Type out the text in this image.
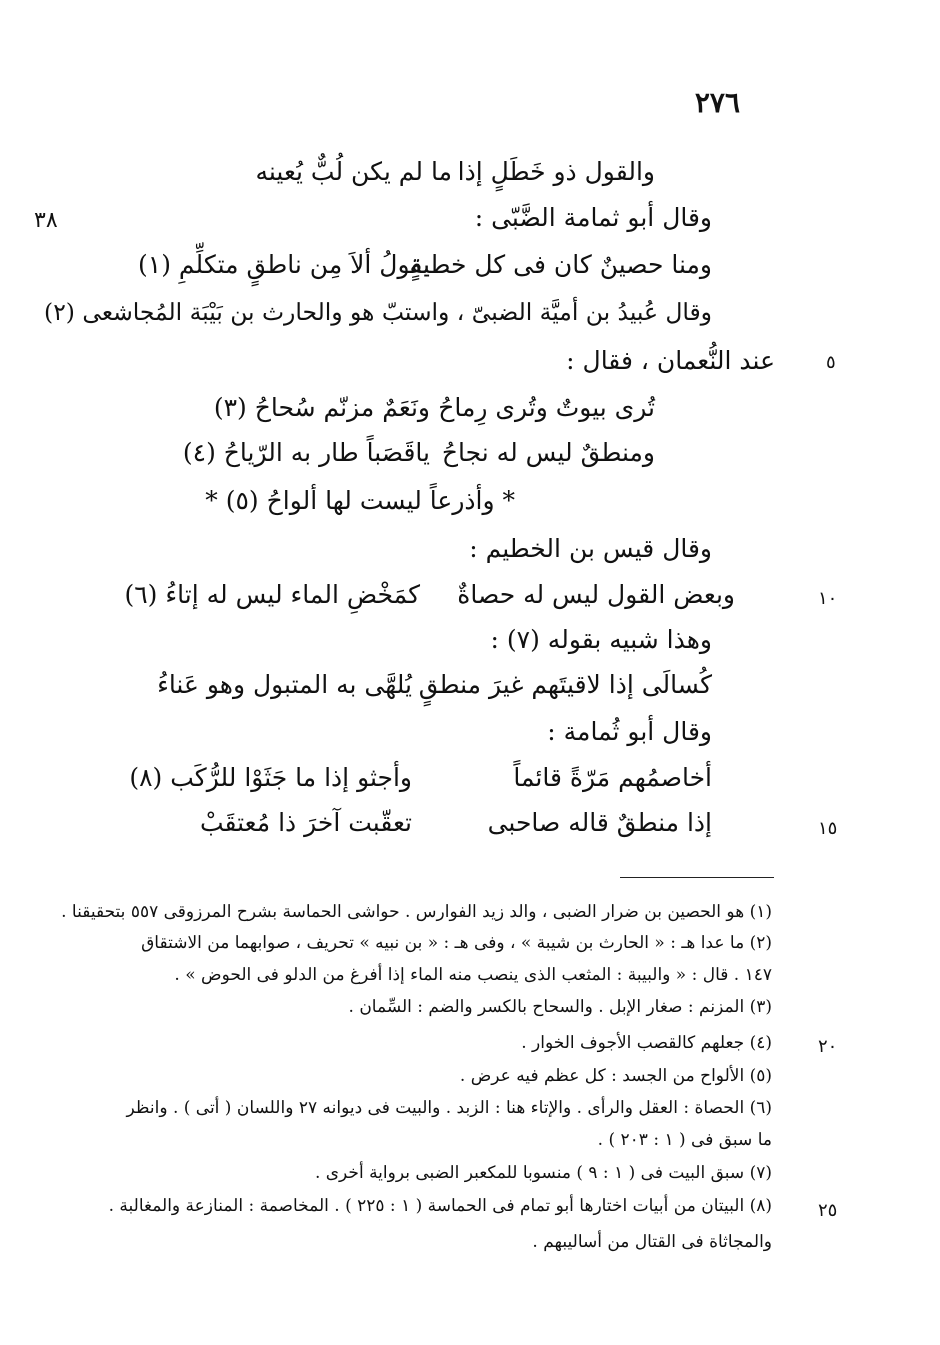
٢٧٦
٣٨
والقول ذو خَطَلٍ إذا
ما لم يكن لُبٌّ يُعينه
وقال أبو ثمامة الضَّبّى :
ومنا حصينٌ كان فى كل خطبةٍ
يقولُ ألاَ مِن ناطقٍ متكلِّمِ (١)
وقال عُبيدُ بن أميَّة الضبىّ ، واستبّ هو والحارث بن بَيْبَة المُجاشعى (٢)
عند النُّعمان ، فقال :	٥
تُرى بيوتٌ وتُرى رِماحُ
ونَعَمٌ مزنّم سُحاحُ (٣)
ومنطقٌ ليس له نجاحُ
ياقَصَباً طار به الرّياحُ (٤)
* وأذرعاً ليست لها ألواحُ (٥) *
وقال قيس بن الخطيم :
وبعض القول ليس له حصاةٌ
كمَخْضِ الماء ليس له إتاءُ (٦)	١٠
وهذا شبيه بقوله (٧) :
كُسالَى إذا لاقيتَهم غيرَ منطقٍ
يُلهَّى به المتبول وهو عَناءُ
وقال أبو ثُمامة :
أخاصمُهم مَرّةً قائماً
وأجثو إذا ما جَثَوْا للرُّكَب (٨)
إذا منطقٌ قاله صاحبى
تعقّبت آخرَ ذا مُعتقَبْ	١٥
(١) هو الحصين بن ضرار الضبى ، والد زيد الفوارس . حواشى الحماسة بشرح المرزوقى ٥٥٧ بتحقيقنا .
(٢) ما عدا هـ : « الحارث بن شيبة » ، وفى هـ : « بن نبيه » تحريف ، صوابهما من الاشتقاق
١٤٧ . قال : « والبيبة : المثعب الذى ينصب منه الماء إذا أفرغ من الدلو فى الحوض » .
(٣) المزنم : صغار الإبل . والسحاح بالكسر والضم : السِّمان .
(٤) جعلهم كالقصب الأجوف الخوار .	٢٠
(٥) الألواح من الجسد : كل عظم فيه عرض .
(٦) الحصاة : العقل والرأى . والإتاء هنا : الزبد . والبيت فى ديوانه ٢٧ واللسان ( أتى ) . وانظر
ما سبق فى ( ١ : ٢٠٣ ) .
(٧) سبق البيت فى ( ١ : ٩ ) منسوبا للمكعبر الضبى برواية أخرى .
(٨) البيتان من أبيات اختارها أبو تمام فى الحماسة ( ١ : ٢٢٥ ) . المخاصمة : المنازعة والمغالبة .	٢٥
والمجاثاة فى القتال من أساليبهم .
